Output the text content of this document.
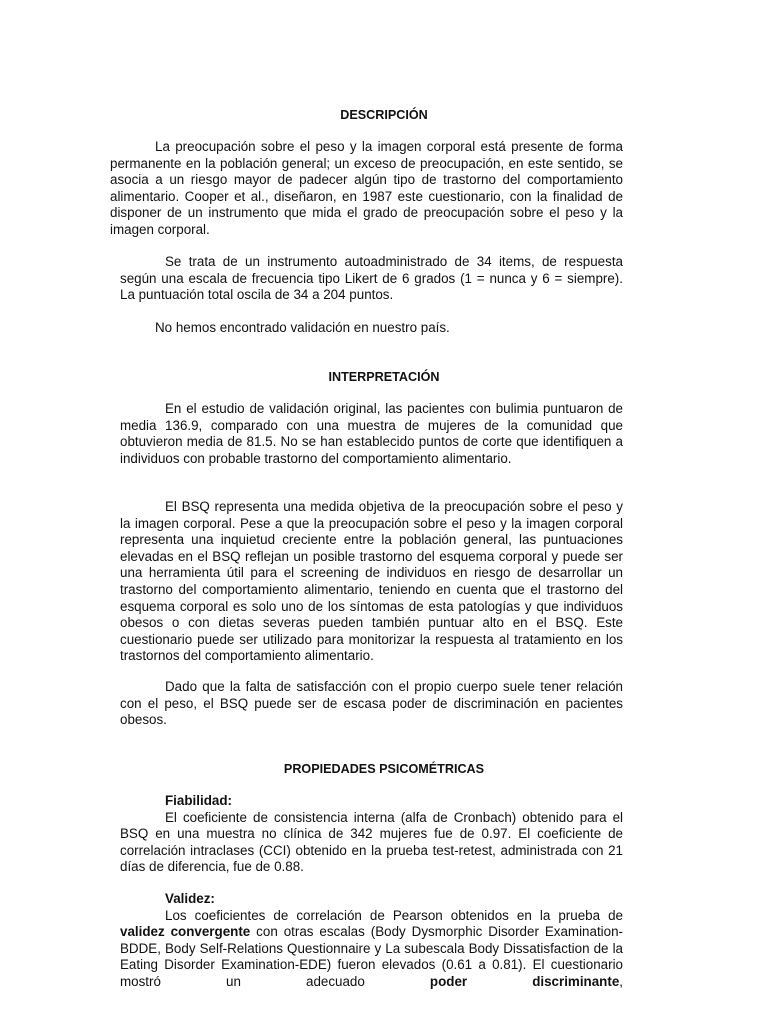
DESCRIPCIÓN

La preocupación sobre el peso y la imagen corporal está presente de forma permanente en la población general; un exceso de preocupación, en este sentido, se asocia a un riesgo mayor de padecer algún tipo de trastorno del comportamiento alimentario. Cooper et al., diseñaron, en 1987 este cuestionario, con la finalidad de disponer de un instrumento que mida el grado de preocupación sobre el peso y la imagen corporal.

Se trata de un instrumento autoadministrado de 34 items, de respuesta según una escala de frecuencia tipo Likert de 6 grados (1 = nunca y 6 = siempre). La puntuación total oscila de 34 a 204 puntos.

No hemos encontrado validación en nuestro país.

INTERPRETACIÓN

En el estudio de validación original, las pacientes con bulimia puntuaron de media 136.9, comparado con una muestra de mujeres de la comunidad que obtuvieron media de 81.5. No se han establecido puntos de corte que identifiquen a individuos con probable trastorno del comportamiento alimentario.

El BSQ representa una medida objetiva de la preocupación sobre el peso y la imagen corporal. Pese a que la preocupación sobre el peso y la imagen corporal representa una inquietud creciente entre la población general, las puntuaciones elevadas en el BSQ reflejan un posible trastorno del esquema corporal y puede ser una herramienta útil para el screening de individuos en riesgo de desarrollar un trastorno del comportamiento alimentario, teniendo en cuenta que el trastorno del esquema corporal es solo uno de los síntomas de esta patologías y que individuos obesos o con dietas severas pueden también puntuar alto en el BSQ. Este cuestionario puede ser utilizado para monitorizar la respuesta al tratamiento en los trastornos del comportamiento alimentario.

Dado que la falta de satisfacción con el propio cuerpo suele tener relación con el peso, el BSQ puede ser de escasa poder de discriminación en pacientes obesos.

PROPIEDADES PSICOMÉTRICAS

Fiabilidad:
El coeficiente de consistencia interna (alfa de Cronbach) obtenido para el BSQ en una muestra no clínica de 342 mujeres fue de 0.97. El coeficiente de correlación intraclases (CCI) obtenido en la prueba test-retest, administrada con 21 días de diferencia, fue de 0.88.

Validez:
Los coeficientes de correlación de Pearson obtenidos en la prueba de validez convergente con otras escalas (Body Dysmorphic Disorder Examination-BDDE, Body Self-Relations Questionnaire y La subescala Body Dissatisfaction de la Eating Disorder Examination-EDE) fueron elevados (0.61 a 0.81). El cuestionario mostró un adecuado poder discriminante,
